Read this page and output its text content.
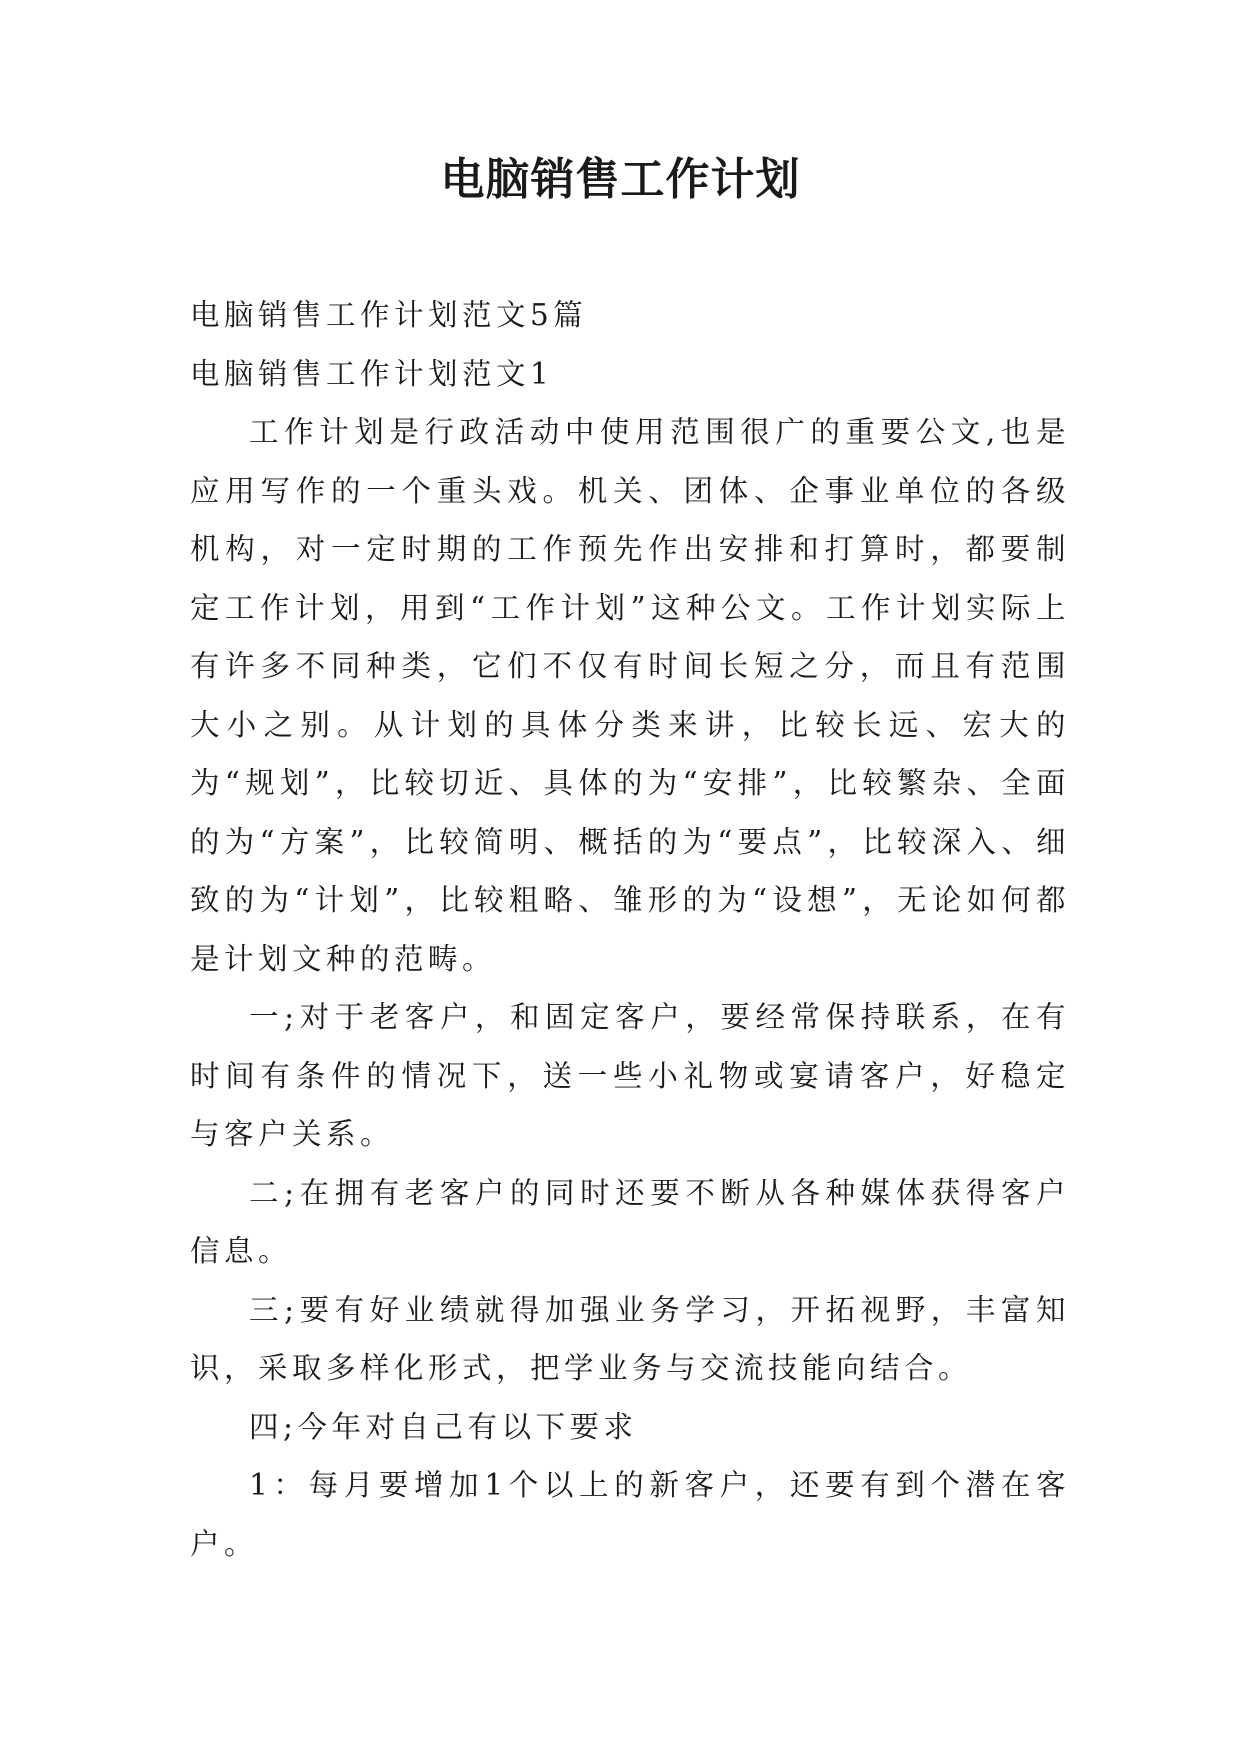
电脑销售工作计划

电脑销售工作计划范文5篇

电脑销售工作计划范文1

工作计划是行政活动中使用范围很广的重要公文,也是应用写作的一个重头戏。机关、团体、企事业单位的各级机构，对一定时期的工作预先作出安排和打算时，都要制定工作计划，用到“工作计划”这种公文。工作计划实际上有许多不同种类，它们不仅有时间长短之分，而且有范围大小之别。从计划的具体分类来讲，比较长远、宏大的为“规划”，比较切近、具体的为“安排”，比较繁杂、全面的为“方案”，比较简明、概括的为“要点”，比较深入、细致的为“计划”，比较粗略、雏形的为“设想”，无论如何都是计划文种的范畴。

一;对于老客户，和固定客户，要经常保持联系，在有时间有条件的情况下，送一些小礼物或宴请客户，好稳定与客户关系。

二;在拥有老客户的同时还要不断从各种媒体获得客户信息。

三;要有好业绩就得加强业务学习，开拓视野，丰富知识，采取多样化形式，把学业务与交流技能向结合。

四;今年对自己有以下要求

1：每月要增加1个以上的新客户，还要有到个潜在客户。
